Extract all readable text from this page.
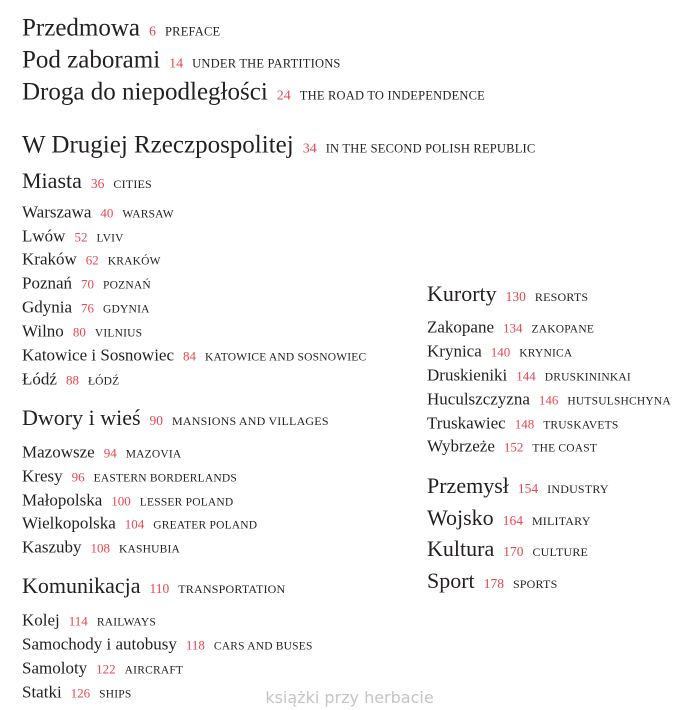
Przedmowa 6 PREFACE
Pod zaborami 14 UNDER THE PARTITIONS
Droga do niepodległości 24 THE ROAD TO INDEPENDENCE
W Drugiej Rzeczpospolitej 34 IN THE SECOND POLISH REPUBLIC
Miasta 36 CITIES
Warszawa 40 WARSAW
Lwów 52 LVIV
Kraków 62 KRAKÓW
Poznań 70 POZNAŃ
Gdynia 76 GDYNIA
Wilno 80 VILNIUS
Katowice i Sosnowiec 84 KATOWICE AND SOSNOWIEC
Łódź 88 ŁÓDŹ
Dwory i wieś 90 MANSIONS AND VILLAGES
Mazowsze 94 MAZOVIA
Kresy 96 EASTERN BORDERLANDS
Małopolska 100 LESSER POLAND
Wielkopolska 104 GREATER POLAND
Kaszuby 108 KASHUBIA
Komunikacja 110 TRANSPORTATION
Kolej 114 RAILWAYS
Samochody i autobusy 118 CARS AND BUSES
Samoloty 122 AIRCRAFT
Statki 126 SHIPS
Kurorty 130 RESORTS
Zakopane 134 ZAKOPANE
Krynica 140 KRYNICA
Druskieniki 144 DRUSKININKAI
Huculszczyzna 146 HUTSULSHCHYNA
Truskawiec 148 TRUSKAVETS
Wybrzeże 152 THE COAST
Przemysł 154 INDUSTRY
Wojsko 164 MILITARY
Kultura 170 CULTURE
Sport 178 SPORTS
książki przy herbacie
